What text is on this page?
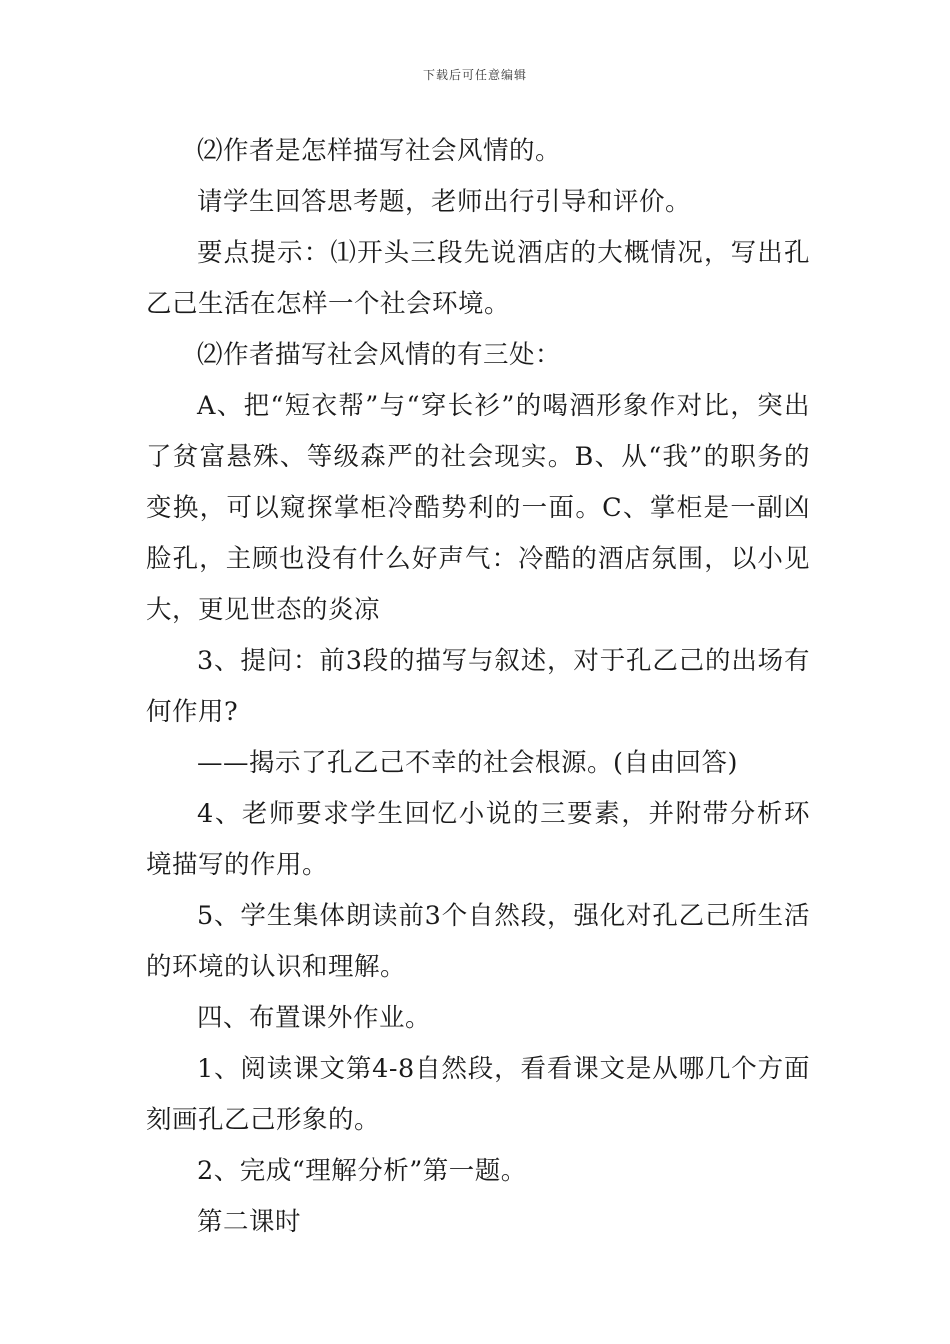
下载后可任意编辑

⑵作者是怎样描写社会风情的。

请学生回答思考题，老师出行引导和评价。

要点提示：⑴开头三段先说酒店的大概情况，写出孔乙己生活在怎样一个社会环境。

⑵作者描写社会风情的有三处：

A、把“短衣帮”与“穿长衫”的喝酒形象作对比，突出了贫富悬殊、等级森严的社会现实。B、从“我”的职务的变换，可以窥探掌柜冷酷势利的一面。C、掌柜是一副凶脸孔，主顾也没有什么好声气：冷酷的酒店氛围，以小见大，更见世态的炎凉

3、提问：前3段的描写与叙述，对于孔乙己的出场有何作用?

——揭示了孔乙己不幸的社会根源。(自由回答)

4、老师要求学生回忆小说的三要素，并附带分析环境描写的作用。

5、学生集体朗读前3个自然段，强化对孔乙己所生活的环境的认识和理解。

四、布置课外作业。

1、阅读课文第4-8自然段，看看课文是从哪几个方面刻画孔乙己形象的。

2、完成“理解分析”第一题。

第二课时
